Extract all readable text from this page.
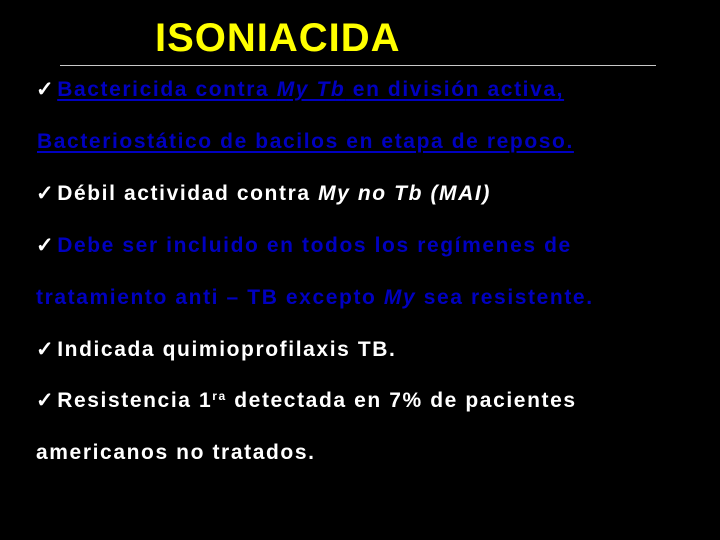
ISONIACIDA
✓Bactericida contra My Tb en división activa,
Bacteriostático de bacilos en etapa de reposo.
✓Débil actividad contra My no Tb (MAI)
✓Debe ser incluido en todos los regímenes de
tratamiento anti – TB excepto My sea resistente.
✓Indicada quimioprofilaxis TB.
✓Resistencia $1^{ra}$ detectada en 7% de pacientes
americanos no tratados.
